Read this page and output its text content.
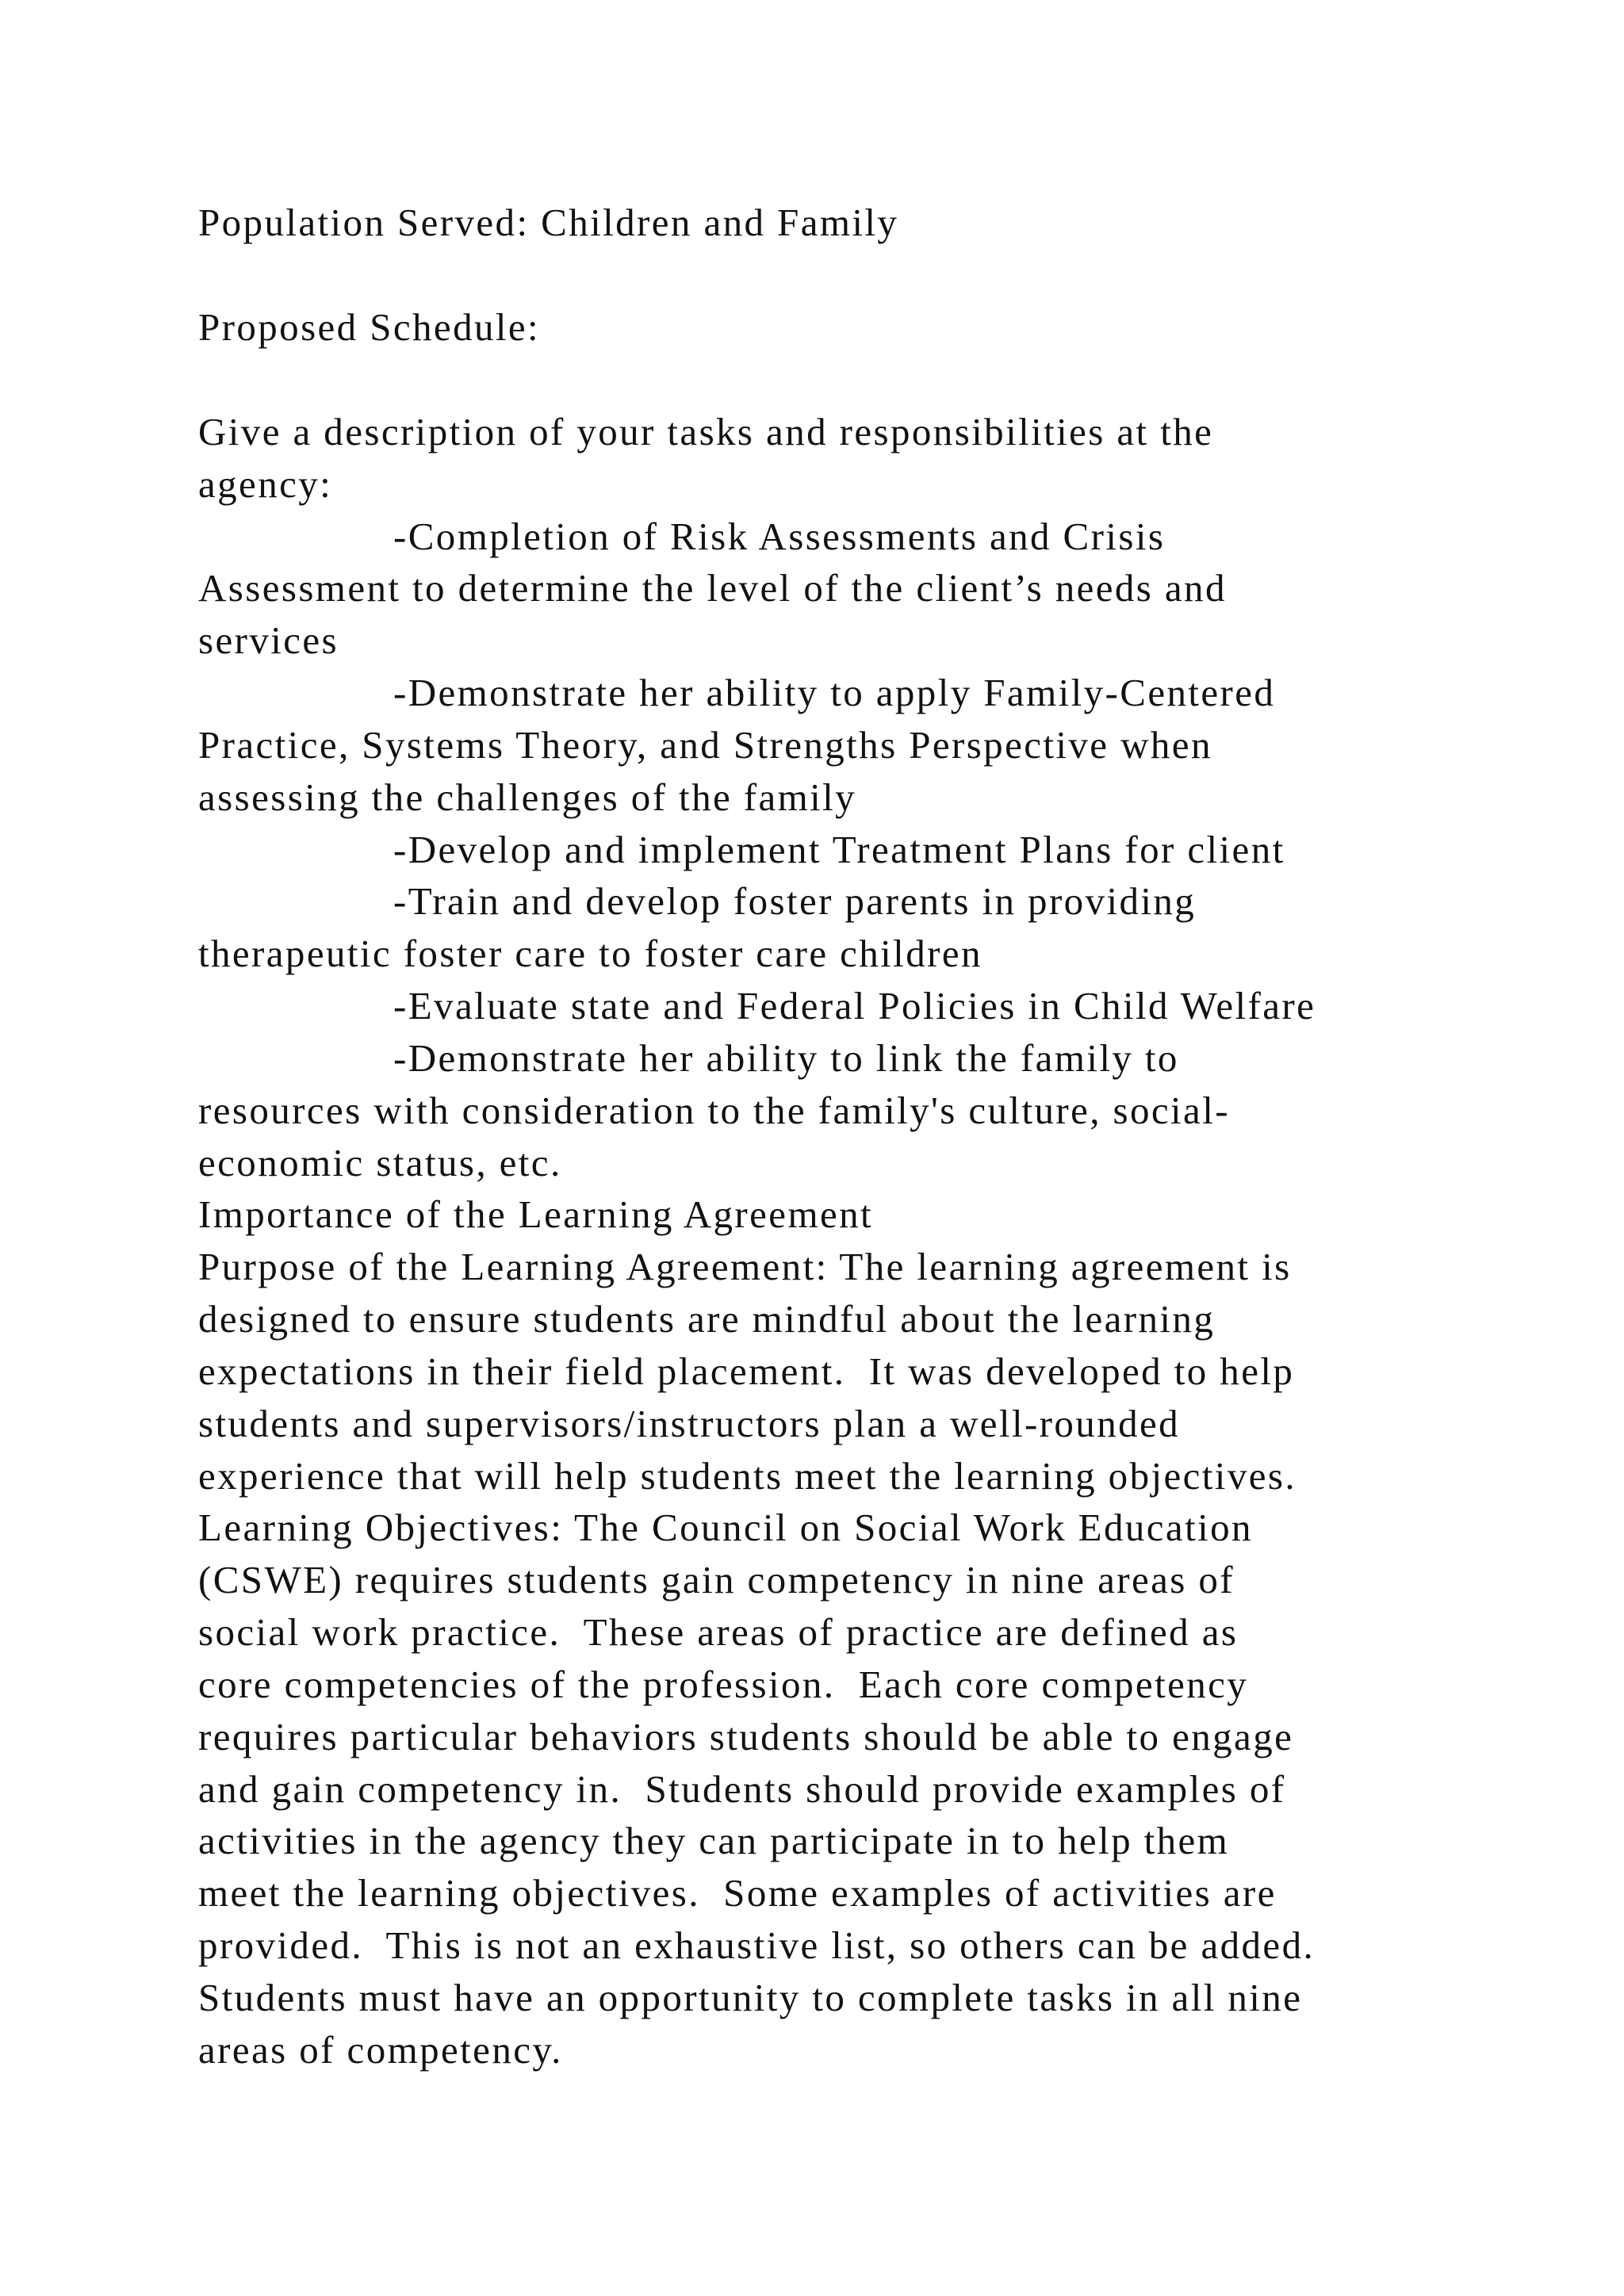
Population Served: Children and Family
Proposed Schedule:
Give a description of your tasks and responsibilities at the
agency:
-Completion of Risk Assessments and Crisis
Assessment to determine the level of the client’s needs and
services
-Demonstrate her ability to apply Family-Centered
Practice, Systems Theory, and Strengths Perspective when
assessing the challenges of the family
-Develop and implement Treatment Plans for client
-Train and develop foster parents in providing
therapeutic foster care to foster care children
-Evaluate state and Federal Policies in Child Welfare
-Demonstrate her ability to link the family to
resources with consideration to the family's culture, social-
economic status, etc.
Importance of the Learning Agreement
Purpose of the Learning Agreement: The learning agreement is
designed to ensure students are mindful about the learning
expectations in their field placement.  It was developed to help
students and supervisors/instructors plan a well-rounded
experience that will help students meet the learning objectives.
Learning Objectives: The Council on Social Work Education
(CSWE) requires students gain competency in nine areas of
social work practice.  These areas of practice are defined as
core competencies of the profession.  Each core competency
requires particular behaviors students should be able to engage
and gain competency in.  Students should provide examples of
activities in the agency they can participate in to help them
meet the learning objectives.  Some examples of activities are
provided.  This is not an exhaustive list, so others can be added.
Students must have an opportunity to complete tasks in all nine
areas of competency.
